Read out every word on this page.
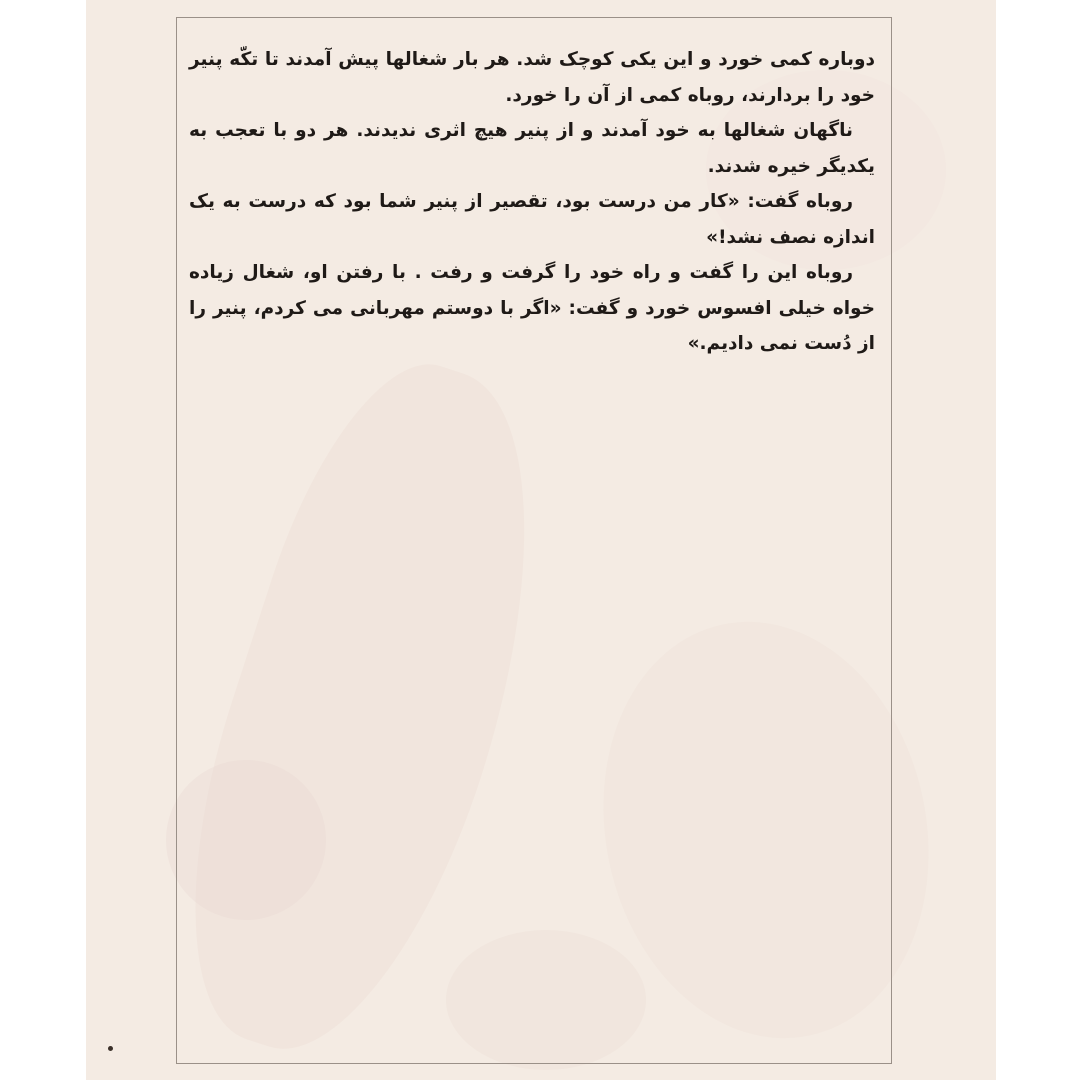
دوباره کمی خورد و این یکی کوچک شد. هر بار شغالها پیش آمدند تا تکّه پنیر خود را بردارند، روباه کمی از آن را خورد.

ناگهان شغالها به خود آمدند و از پنیر هیچ اثری ندیدند. هر دو با تعجب به یکدیگر خیره شدند.

روباه گفت: «کار من درست بود، تقصیر از پنیر شما بود که درست به یک اندازه نصف نشد!»

روباه این را گفت و راه خود را گرفت و رفت . با رفتن او، شغال زیاده خواه خیلی افسوس خورد و گفت: «اگر با دوستم مهربانی می کردم، پنیر را از دُست نمی دادیم.»
